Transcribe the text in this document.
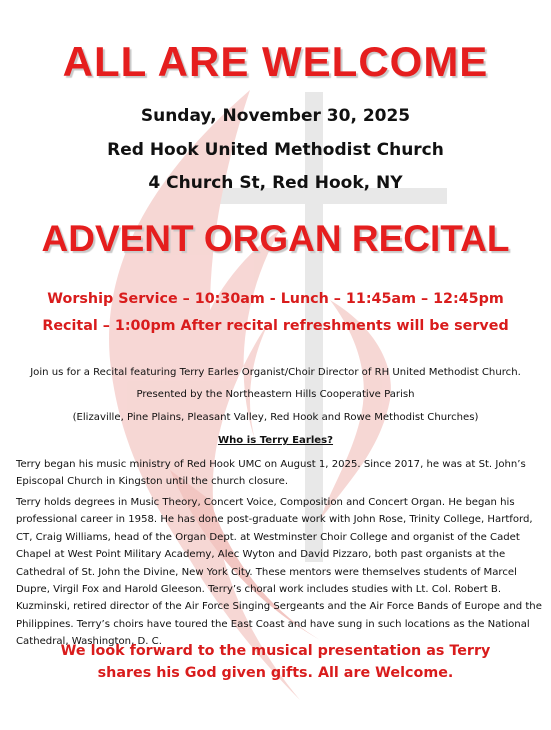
ALL ARE WELCOME
Sunday, November 30, 2025
Red Hook United Methodist Church
4 Church St, Red Hook, NY
ADVENT ORGAN RECITAL
Worship Service – 10:30am - Lunch – 11:45am – 12:45pm
Recital – 1:00pm After recital refreshments will be served
Join us for a Recital featuring Terry Earles Organist/Choir Director of RH United Methodist Church.
Presented by the Northeastern Hills Cooperative Parish
(Elizaville, Pine Plains, Pleasant Valley, Red Hook and Rowe Methodist Churches)
Who is Terry Earles?
Terry began his music ministry of Red Hook UMC on August 1, 2025. Since 2017, he was at St. John’s Episcopal Church in Kingston until the church closure.
Terry holds degrees in Music Theory, Concert Voice, Composition and Concert Organ. He began his professional career in 1958. He has done post-graduate work with John Rose, Trinity College, Hartford, CT, Craig Williams, head of the Organ Dept. at Westminster Choir College and organist of the Cadet Chapel at West Point Military Academy, Alec Wyton and David Pizzaro, both past organists at the Cathedral of St. John the Divine, New York City. These mentors were themselves students of Marcel Dupre, Virgil Fox and Harold Gleeson. Terry’s choral work includes studies with Lt. Col. Robert B. Kuzminski, retired director of the Air Force Singing Sergeants and the Air Force Bands of Europe and the Philippines. Terry’s choirs have toured the East Coast and have sung in such locations as the National Cathedral, Washington, D. C.
We look forward to the musical presentation as Terry
shares his God given gifts. All are Welcome.
